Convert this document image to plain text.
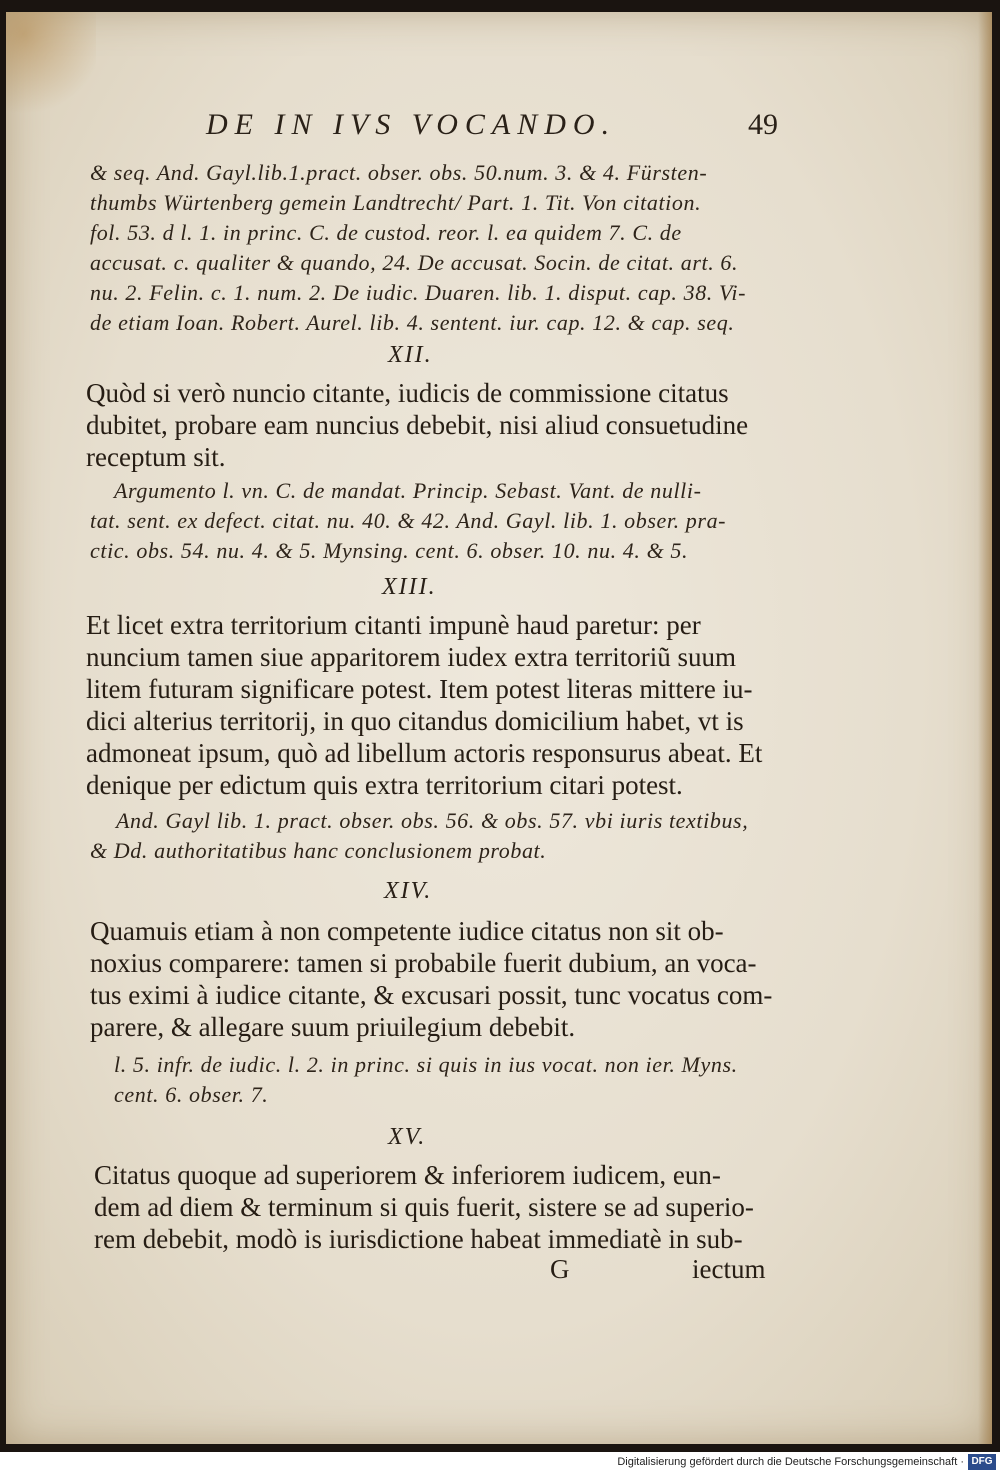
DE IN IVS VOCANDO.	49
& seq. And. Gayl.lib.1.pract. obser. obs. 50.num. 3. & 4. Fürsten-
thumbs Würtenberg gemein Landtrecht/ Part. 1. Tit. Von citation.
fol. 53. d l. 1. in princ. C. de custod. reor. l. ea quidem 7. C. de
accusat. c. qualiter & quando, 24. De accusat. Socin. de citat. art. 6.
nu. 2. Felin. c. 1. num. 2. De iudic. Duaren. lib. 1. disput. cap. 38. Vi-
de etiam Ioan. Robert. Aurel. lib. 4. sentent. iur. cap. 12. & cap. seq.
XII.
Quòd si verò nuncio citante, iudicis de commissione citatus
dubitet, probare eam nuncius debebit, nisi aliud consuetudine
receptum sit.
Argumento l. vn. C. de mandat. Princip. Sebast. Vant. de nulli-
tat. sent. ex defect. citat. nu. 40. & 42. And. Gayl. lib. 1. obser. pra-
ctic. obs. 54. nu. 4. & 5. Mynsing. cent. 6. obser. 10. nu. 4. & 5.
XIII.
Et licet extra territorium citanti impunè haud paretur: per
nuncium tamen siue apparitorem iudex extra territoriũ suum
litem futuram significare potest. Item potest literas mittere iu-
dici alterius territorij, in quo citandus domicilium habet, vt is
admoneat ipsum, quò ad libellum actoris responsurus abeat. Et
denique per edictum quis extra territorium citari potest.
And. Gayl lib. 1. pract. obser. obs. 56. & obs. 57. vbi iuris textibus,
& Dd. authoritatibus hanc conclusionem probat.
XIV.
Quamuis etiam à non competente iudice citatus non sit ob-
noxius comparere: tamen si probabile fuerit dubium, an voca-
tus eximi à iudice citante, & excusari possit, tunc vocatus com-
parere, & allegare suum priuilegium debebit.
l. 5. infr. de iudic. l. 2. in princ. si quis in ius vocat. non ier. Myns.
cent. 6. obser. 7.
XV.
Citatus quoque ad superiorem & inferiorem iudicem, eun-
dem ad diem & terminum si quis fuerit, sistere se ad superio-
rem debebit, modò is iurisdictione habeat immediatè in sub-
G	iectum
Digitalisierung gefördert durch die Deutsche Forschungsgemeinschaft · DFG
